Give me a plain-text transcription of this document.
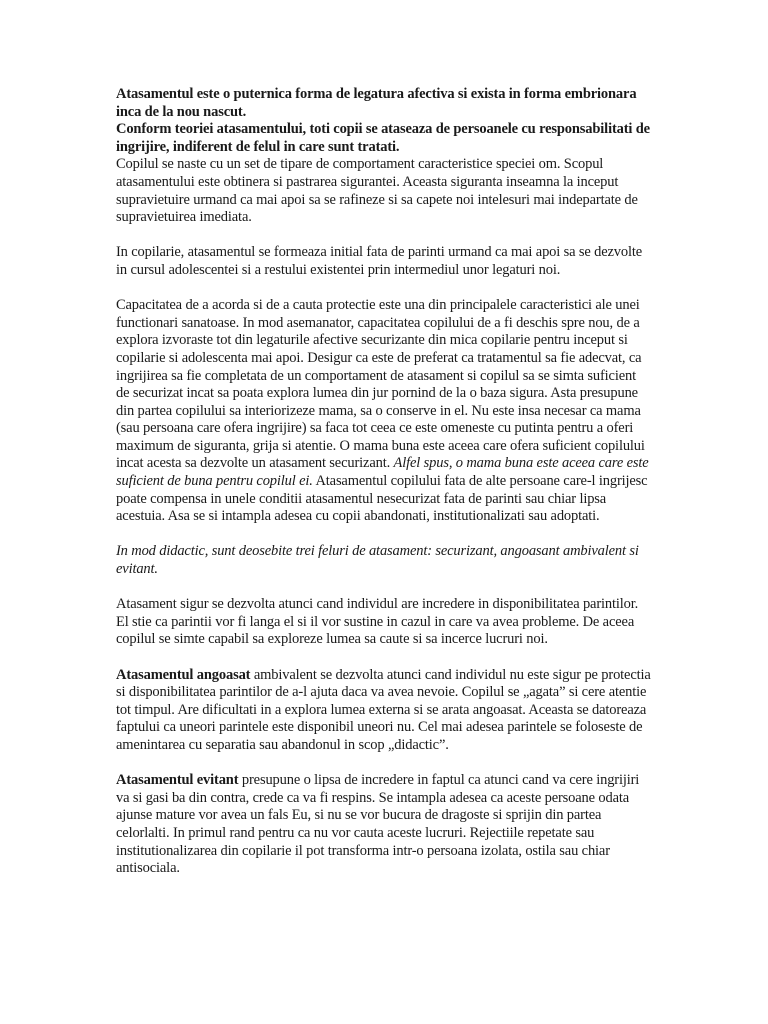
Atasamentul este o puternica forma de legatura afectiva si exista in forma embrionara inca de la nou nascut.

Conform teoriei atasamentului, toti copii se ataseaza de persoanele cu responsabilitati de ingrijire, indiferent de felul in care sunt tratati.

Copilul se naste cu un set de tipare de comportament caracteristice speciei om. Scopul atasamentului este obtinera si pastrarea sigurantei. Aceasta siguranta inseamna la inceput supravietuire urmand ca mai apoi sa se rafineze si sa capete noi intelesuri mai indepartate de supravietuirea imediata.

In copilarie, atasamentul se formeaza initial fata de parinti urmand ca mai apoi sa se dezvolte in cursul adolescentei si a restului existentei prin intermediul unor legaturi noi.

Capacitatea de a acorda si de a cauta protectie este una din principalele caracteristici ale unei functionari sanatoase. In mod asemanator, capacitatea copilului de a fi deschis spre nou, de a explora izvoraste tot din legaturile afective securizante din mica copilarie pentru inceput si copilarie si adolescenta mai apoi. Desigur ca este de preferat ca tratamentul sa fie adecvat, ca ingrijirea sa fie completata de un comportament de atasament si copilul sa se simta suficient de securizat incat sa poata explora lumea din jur pornind de la o baza sigura. Asta presupune din partea copilului sa interiorizeze mama, sa o conserve in el. Nu este insa necesar ca mama (sau persoana care ofera ingrijire) sa faca tot ceea ce este omeneste cu putinta pentru a oferi maximum de siguranta, grija si atentie. O mama buna este aceea care ofera suficient copilului incat acesta sa dezvolte un atasament securizant. Alfel spus, o mama buna este aceea care este suficient de buna pentru copilul ei. Atasamentul copilului fata de alte persoane care-l ingrijesc poate compensa in unele conditii atasamentul nesecurizat fata de parinti sau chiar lipsa acestuia. Asa se si intampla adesea cu copii abandonati, institutionalizati sau adoptati.

In mod didactic, sunt deosebite trei feluri de atasament: securizant, angoasant ambivalent si evitant.

Atasament sigur se dezvolta atunci cand individul are incredere in disponibilitatea parintilor. El stie ca parintii vor fi langa el si il vor sustine in cazul in care va avea probleme. De aceea copilul se simte capabil sa exploreze lumea sa caute si sa incerce lucruri noi.

Atasamentul angoasat ambivalent se dezvolta atunci cand individul nu este sigur pe protectia si disponibilitatea parintilor de a-l ajuta daca va avea nevoie. Copilul se „agata” si cere atentie tot timpul. Are dificultati in a explora lumea externa si se arata angoasat. Aceasta se datoreaza faptului ca uneori parintele este disponibil uneori nu. Cel mai adesea parintele se foloseste de amenintarea cu separatia sau abandonul in scop „didactic”.

Atasamentul evitant presupune o lipsa de incredere in faptul ca atunci cand va cere ingrijiri va si gasi ba din contra, crede ca va fi respins. Se intampla adesea ca aceste persoane odata ajunse mature vor avea un fals Eu, si nu se vor bucura de dragoste si sprijin din partea celorlalti. In primul rand pentru ca nu vor cauta aceste lucruri. Rejectiile repetate sau institutionalizarea din copilarie il pot transforma intr-o persoana izolata, ostila sau chiar antisociala.
